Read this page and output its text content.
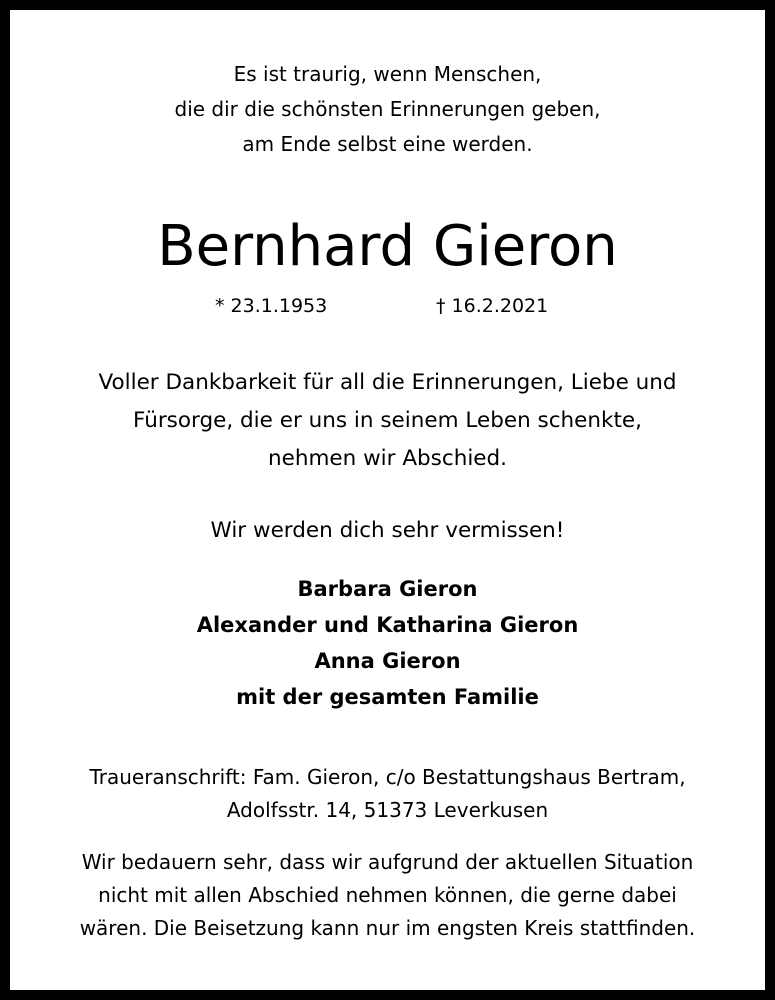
Es ist traurig, wenn Menschen,
die dir die schönsten Erinnerungen geben,
am Ende selbst eine werden.
Bernhard Gieron
* 23.1.1953	† 16.2.2021
Voller Dankbarkeit für all die Erinnerungen, Liebe und
Fürsorge, die er uns in seinem Leben schenkte,
nehmen wir Abschied.
Wir werden dich sehr vermissen!
Barbara Gieron
Alexander und Katharina Gieron
Anna Gieron
mit der gesamten Familie
Traueranschrift: Fam. Gieron, c/o Bestattungshaus Bertram,
Adolfsstr. 14, 51373 Leverkusen
Wir bedauern sehr, dass wir aufgrund der aktuellen Situation
nicht mit allen Abschied nehmen können, die gerne dabei
wären. Die Beisetzung kann nur im engsten Kreis stattfinden.
